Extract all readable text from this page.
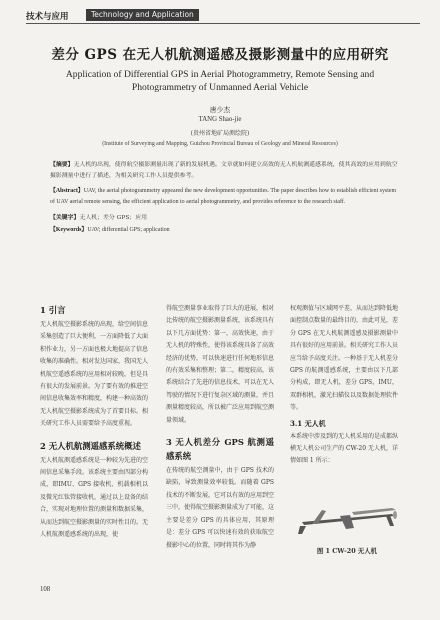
技术与应用	Technology and Application
差分 GPS 在无人机航测遥感及摄影测量中的应用研究
Application of Differential GPS in Aerial Photogrammetry, Remote Sensing and Photogrammetry of Unmanned Aerial Vehicle
唐少杰
TANG Shao-jie
(贵州省地矿局测绘院)
(Institute of Surveying and Mapping, Guizhou Provincial Bureau of Geology and Mineral Resources)
【摘要】无人机的出现，使得航空摄影测量出现了新的发展机遇。文章就如何建立高效的无人机航测遥感系统，使其高效的应用到航空摄影测量中进行了描述，为相关研究工作人员提供参考。
【Abstract】UAV, the aerial photogrammetry appeared the new development opportunities. The paper describes how to establish efficient system of UAV aerial remote sensing, the efficient application to aerial photogrammetry, and provides reference to the research staff.
【关键字】无人机；差分 GPS；应用
【Keywords】UAV; differential GPS; application
1 引言

无人机航空摄影系统的出现，给空间信息采集创造了巨大便利，一方面降低了大面积作业力，另一方面也极大地提高了信息收集的准确性。相对发达国家，我国无人机航空遥感系统的应用相对较晚，但是具有很大的发展前景。为了要有效的推进空间信息收集效率和精度，构建一种高效的无人机航空摄影系统成为了首要目标。相关研究工作人员需要给予高度重视。

2 无人机航测遥感系统概述

无人机航测遥感系统是一种较为先进的空间信息采集手段。该系统主要由四部分构成，即IMU、GPS 接收机、机载相机以及微光红钛管接收机，通过以上设备的结合，实现对地理位置的测量和数据采集，从而达到航空摄影测量的实时性目的。无人机航测遥感系统的出现，使

得航空测量事业取得了巨大的进展，相对比传统的航空摄影测量系统，该系统具有以下几方面优势：第一，高效快速，由于无人机的特殊性，使得该系统具备了高效经济的优势，可以快速进行任何地形信息的有效采集和整理；第二，精度较高，该系统结合了先进的信息技术，可以在无人驾驶的情况下进行复杂区域的测量，并且测量精度较高，所以被广泛应用到航空测量领域。

3 无人机差分 GPS 航测遥感系统

在传统的航空测量中，由于 GPS 技术的缺陷，导致测量效率较低。而随着 GPS 技术的不断发展，它可以有效的应用到空三中，使得航空摄影测量成为了可能，这主要是差分 GPS 的具体应用，其原理是：差分 GPS 可以快速有效的获取航空摄影中心的位置，同时将其作为静

权观测值与区域网平差，从而达到降低地面控制点数量的最终目的，由此可见，差分 GPS 在无人机航测遥感及摄影测量中具有很好的应用前景。相关研究工作人员应当给予高度关注。一种基于无人机差分 GPS 的航测遥感系统，主要由以下几部分构成，即无人机，差分 GPS，IMU，双群相机，激光扫描仪以及数据处理软件等。

3.1 无人机

本系统中涉及到的无人机采用的是成都纵横无人机公司生产的 CW-20 无人机，详情如图 1 所示：

图 1 CW-20 无人机
108
